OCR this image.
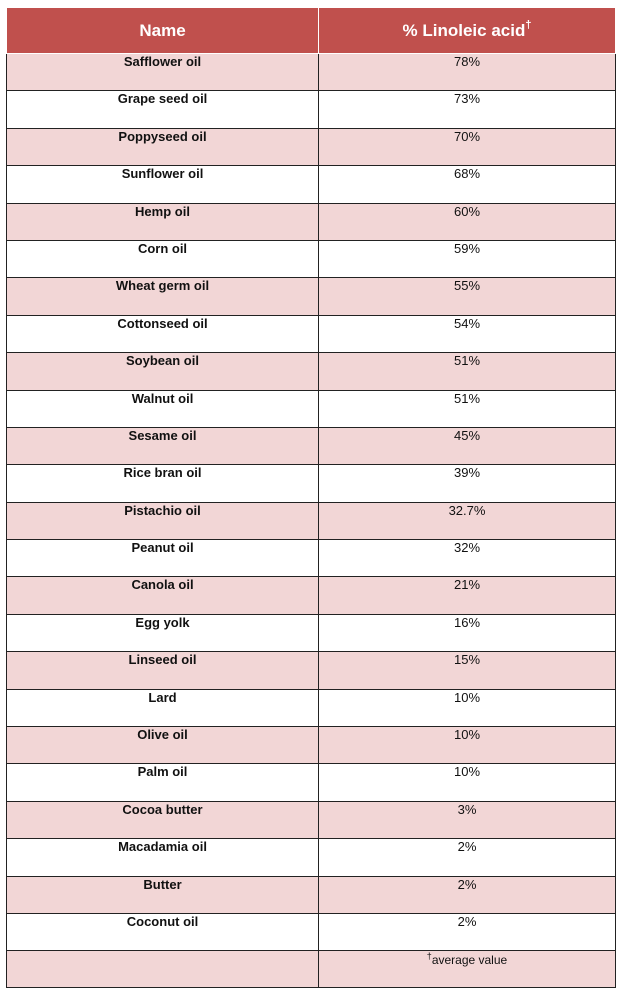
Name	% Linoleic acid†
Safflower oil	78%
Grape seed oil	73%
Poppyseed oil	70%
Sunflower oil	68%
Hemp oil	60%
Corn oil	59%
Wheat germ oil	55%
Cottonseed oil	54%
Soybean oil	51%
Walnut oil	51%
Sesame oil	45%
Rice bran oil	39%
Pistachio oil	32.7%
Peanut oil	32%
Canola oil	21%
Egg yolk	16%
Linseed oil	15%
Lard	10%
Olive oil	10%
Palm oil	10%
Cocoa butter	3%
Macadamia oil	2%
Butter	2%
Coconut oil	2%
	†average value
